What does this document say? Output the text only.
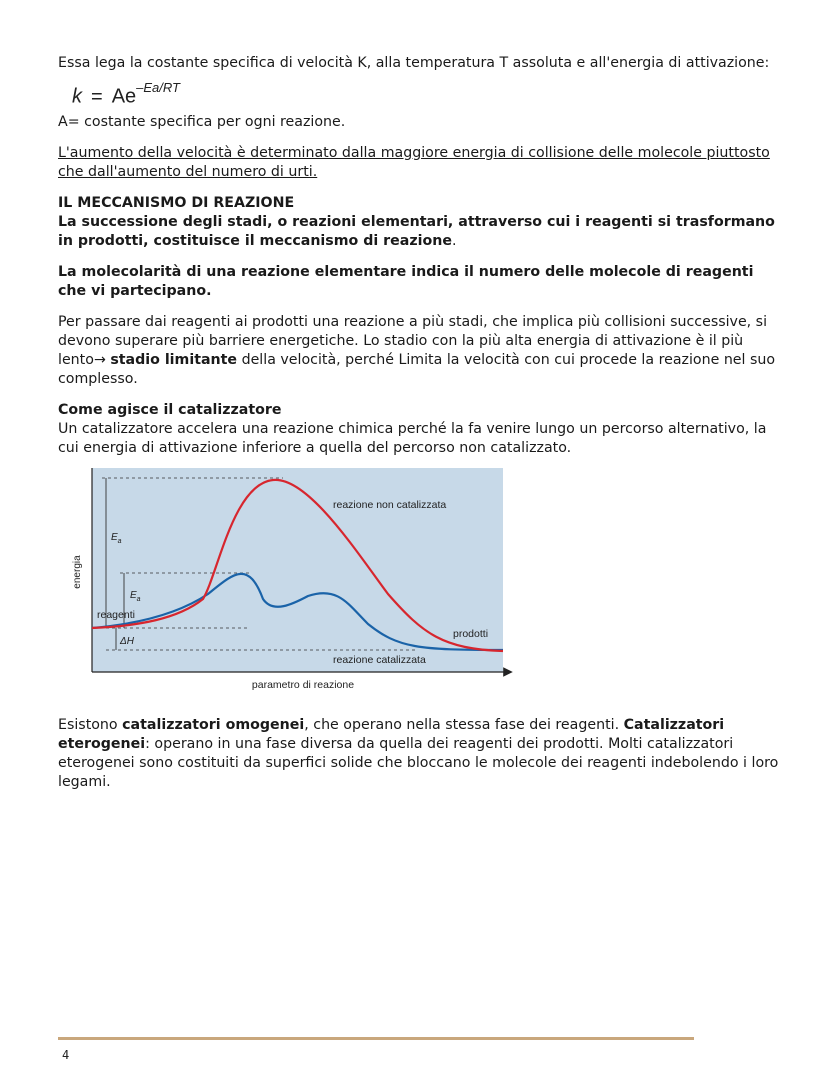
Essa lega la costante specifica di velocità K, alla temperatura T assoluta e all'energia di attivazione:

$k = Ae^{-Ea/RT}$

A= costante specifica per ogni reazione.

L'aumento della velocità è determinato dalla maggiore energia di collisione delle molecole piuttosto che dall'aumento del numero di urti.

IL MECCANISMO DI REAZIONE

La successione degli stadi, o reazioni elementari, attraverso cui i reagenti si trasformano in prodotti, costituisce il meccanismo di reazione.

La molecolarità di una reazione elementare indica il numero delle molecole di reagenti che vi partecipano.

Per passare dai reagenti ai prodotti una reazione a più stadi, che implica più collisioni successive, si devono superare più barriere energetiche. Lo stadio con la più alta energia di attivazione è il più lento→ stadio limitante della velocità, perché Limita la velocità con cui procede la reazione nel suo complesso.

Come agisce il catalizzatore

Un catalizzatore accelera una reazione chimica perché la fa venire lungo un percorso alternativo, la cui energia di attivazione inferiore a quella del percorso non catalizzato.

energia
parametro di reazione
$E_a$
$E_a$
reagenti
ΔH
prodotti
reazione non catalizzata
reazione catalizzata

Esistono catalizzatori omogenei, che operano nella stessa fase dei reagenti. Catalizzatori eterogenei: operano in una fase diversa da quella dei reagenti dei prodotti. Molti catalizzatori eterogenei sono costituiti da superfici solide che bloccano le molecole dei reagenti indebolendo i loro legami.

4
